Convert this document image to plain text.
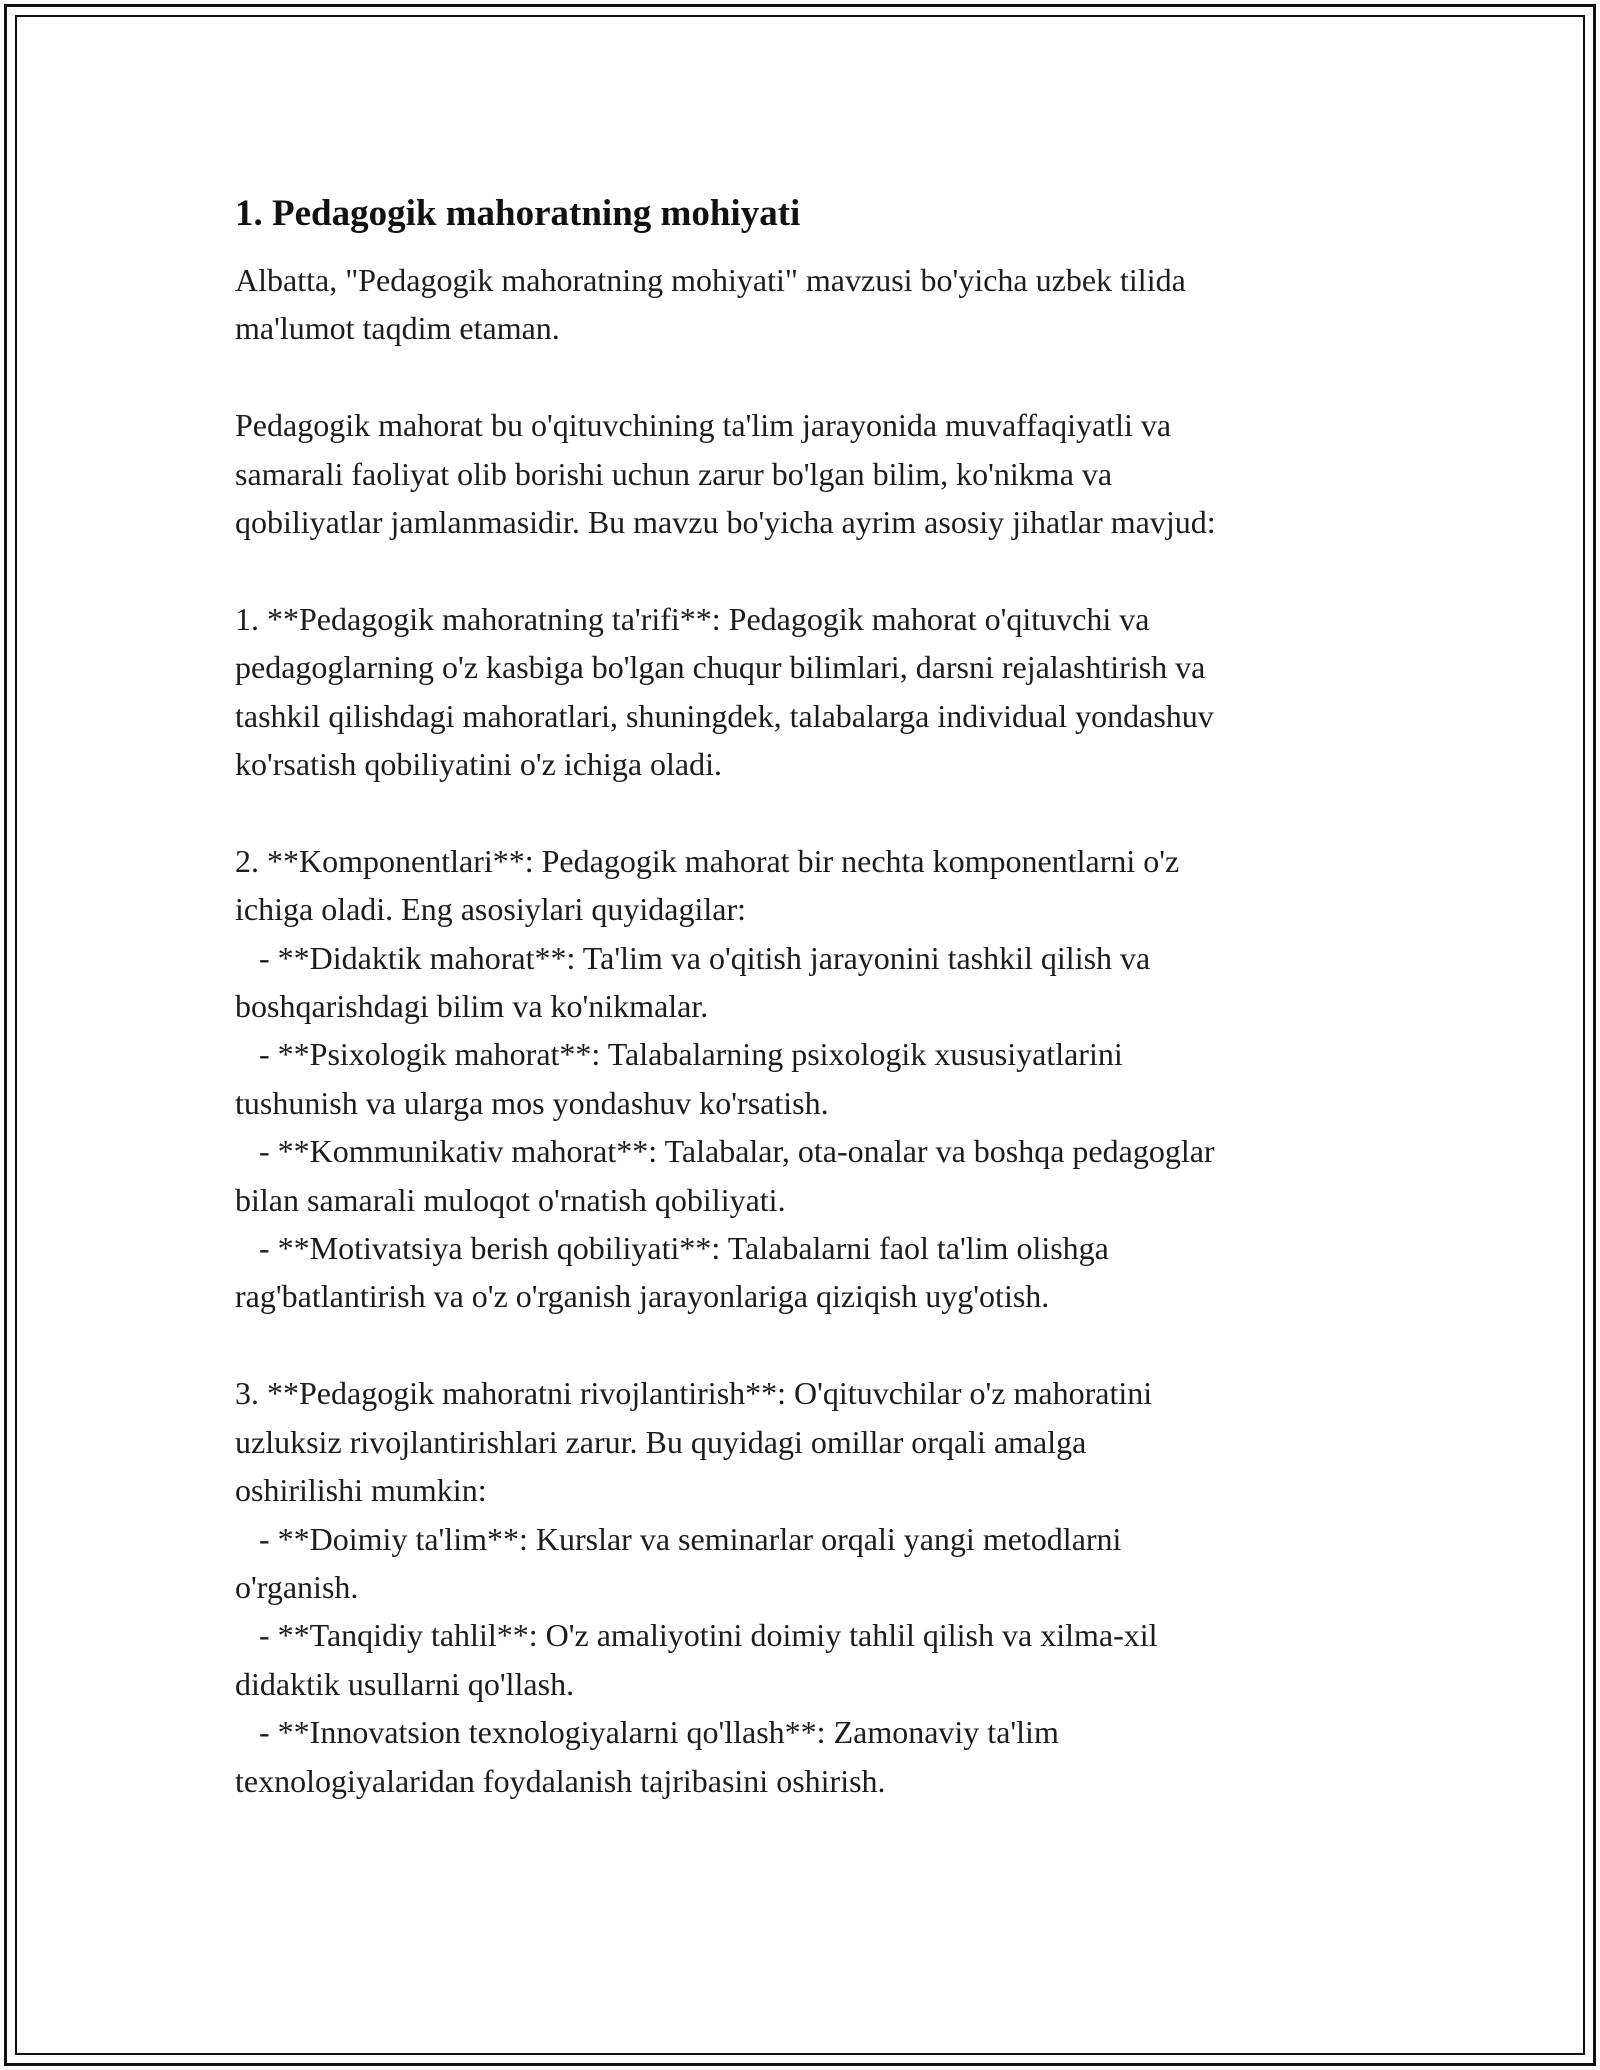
1. Pedagogik mahoratning mohiyati

Albatta, "Pedagogik mahoratning mohiyati" mavzusi bo'yicha uzbek tilida

ma'lumot taqdim etaman.

Pedagogik mahorat bu o'qituvchining ta'lim jarayonida muvaffaqiyatli va

samarali faoliyat olib borishi uchun zarur bo'lgan bilim, ko'nikma va

qobiliyatlar jamlanmasidir. Bu mavzu bo'yicha ayrim asosiy jihatlar mavjud:

1. **Pedagogik mahoratning ta'rifi**: Pedagogik mahorat o'qituvchi va

pedagoglarning o'z kasbiga bo'lgan chuqur bilimlari, darsni rejalashtirish va

tashkil qilishdagi mahoratlari, shuningdek, talabalarga individual yondashuv

ko'rsatish qobiliyatini o'z ichiga oladi.

2. **Komponentlari**: Pedagogik mahorat bir nechta komponentlarni o'z

ichiga oladi. Eng asosiylari quyidagilar:

- **Didaktik mahorat**: Ta'lim va o'qitish jarayonini tashkil qilish va

boshqarishdagi bilim va ko'nikmalar.

- **Psixologik mahorat**: Talabalarning psixologik xususiyatlarini

tushunish va ularga mos yondashuv ko'rsatish.

- **Kommunikativ mahorat**: Talabalar, ota-onalar va boshqa pedagoglar

bilan samarali muloqot o'rnatish qobiliyati.

- **Motivatsiya berish qobiliyati**: Talabalarni faol ta'lim olishga

rag'batlantirish va o'z o'rganish jarayonlariga qiziqish uyg'otish.

3. **Pedagogik mahoratni rivojlantirish**: O'qituvchilar o'z mahoratini

uzluksiz rivojlantirishlari zarur. Bu quyidagi omillar orqali amalga

oshirilishi mumkin:

- **Doimiy ta'lim**: Kurslar va seminarlar orqali yangi metodlarni

o'rganish.

- **Tanqidiy tahlil**: O'z amaliyotini doimiy tahlil qilish va xilma-xil

didaktik usullarni qo'llash.

- **Innovatsion texnologiyalarni qo'llash**: Zamonaviy ta'lim

texnologiyalaridan foydalanish tajribasini oshirish.
